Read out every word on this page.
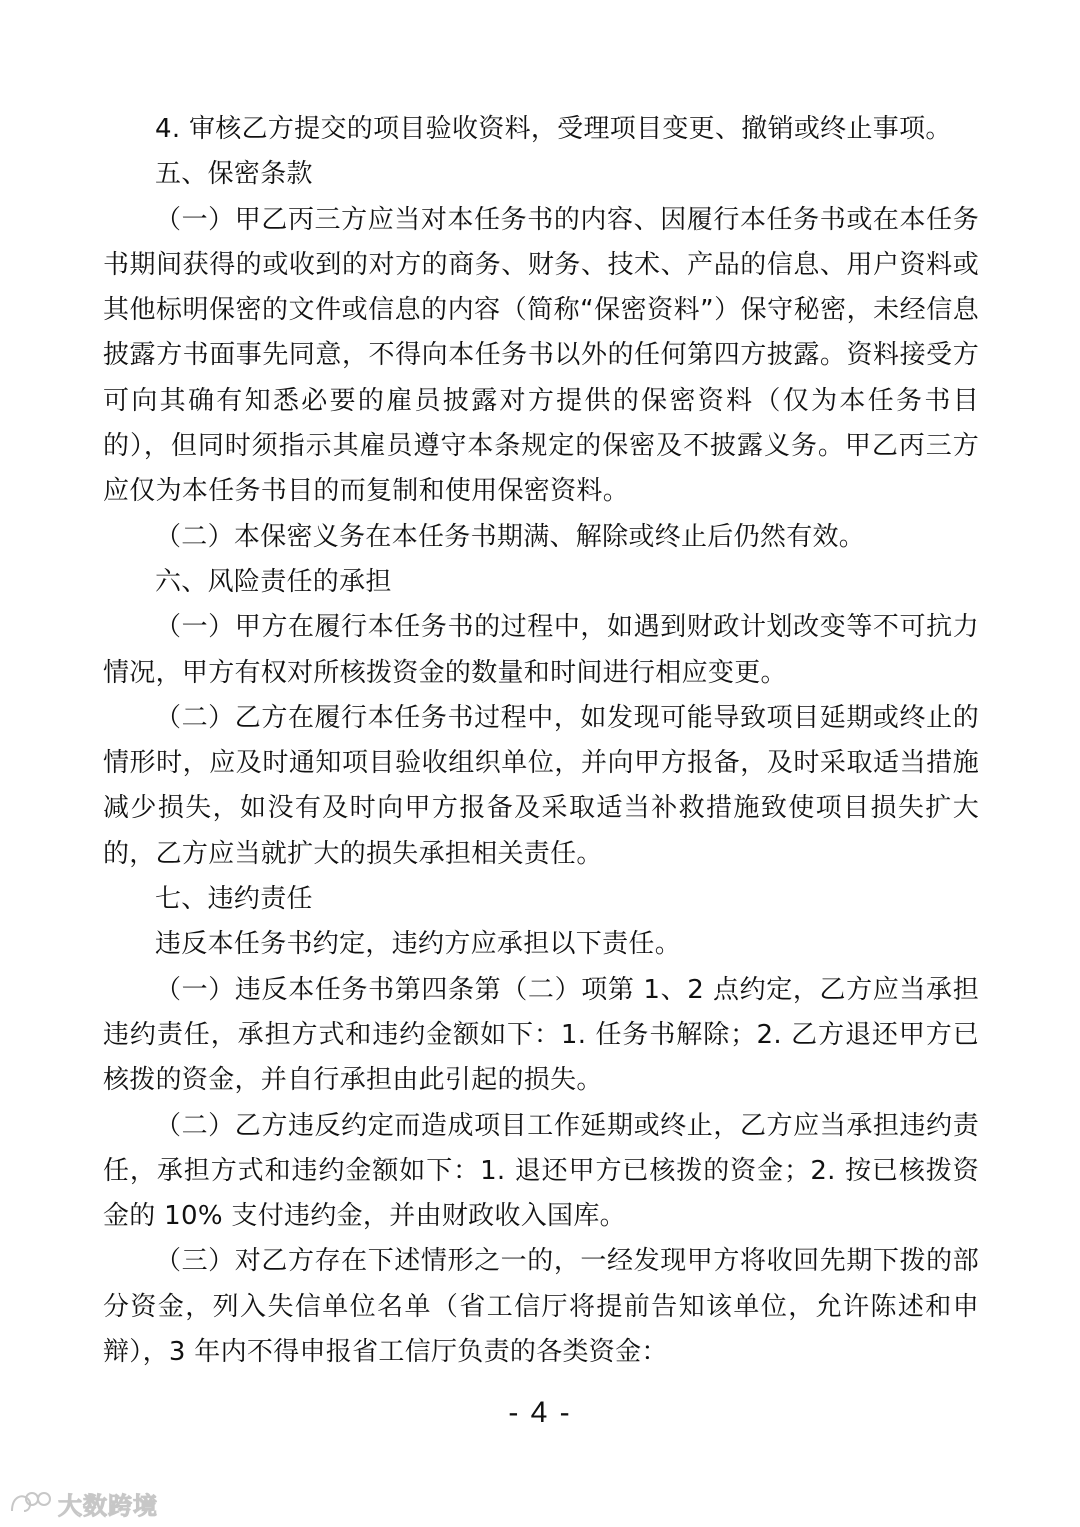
4. 审核乙方提交的项目验收资料，受理项目变更、撤销或终止事项。

五、保密条款

（一）甲乙丙三方应当对本任务书的内容、因履行本任务书或在本任务书期间获得的或收到的对方的商务、财务、技术、产品的信息、用户资料或其他标明保密的文件或信息的内容（简称“保密资料”）保守秘密，未经信息披露方书面事先同意，不得向本任务书以外的任何第四方披露。资料接受方可向其确有知悉必要的雇员披露对方提供的保密资料（仅为本任务书目的），但同时须指示其雇员遵守本条规定的保密及不披露义务。甲乙丙三方应仅为本任务书目的而复制和使用保密资料。

（二）本保密义务在本任务书期满、解除或终止后仍然有效。

六、风险责任的承担

（一）甲方在履行本任务书的过程中，如遇到财政计划改变等不可抗力情况，甲方有权对所核拨资金的数量和时间进行相应变更。

（二）乙方在履行本任务书过程中，如发现可能导致项目延期或终止的情形时，应及时通知项目验收组织单位，并向甲方报备，及时采取适当措施减少损失，如没有及时向甲方报备及采取适当补救措施致使项目损失扩大的，乙方应当就扩大的损失承担相关责任。

七、违约责任

违反本任务书约定，违约方应承担以下责任。

（一）违反本任务书第四条第（二）项第 1、2 点约定，乙方应当承担违约责任，承担方式和违约金额如下：1. 任务书解除；2. 乙方退还甲方已核拨的资金，并自行承担由此引起的损失。

（二）乙方违反约定而造成项目工作延期或终止，乙方应当承担违约责任，承担方式和违约金额如下：1. 退还甲方已核拨的资金；2. 按已核拨资金的 10% 支付违约金，并由财政收入国库。

（三）对乙方存在下述情形之一的，一经发现甲方将收回先期下拨的部分资金，列入失信单位名单（省工信厅将提前告知该单位，允许陈述和申辩），3 年内不得申报省工信厅负责的各类资金：

- 4 -
大数跨境
